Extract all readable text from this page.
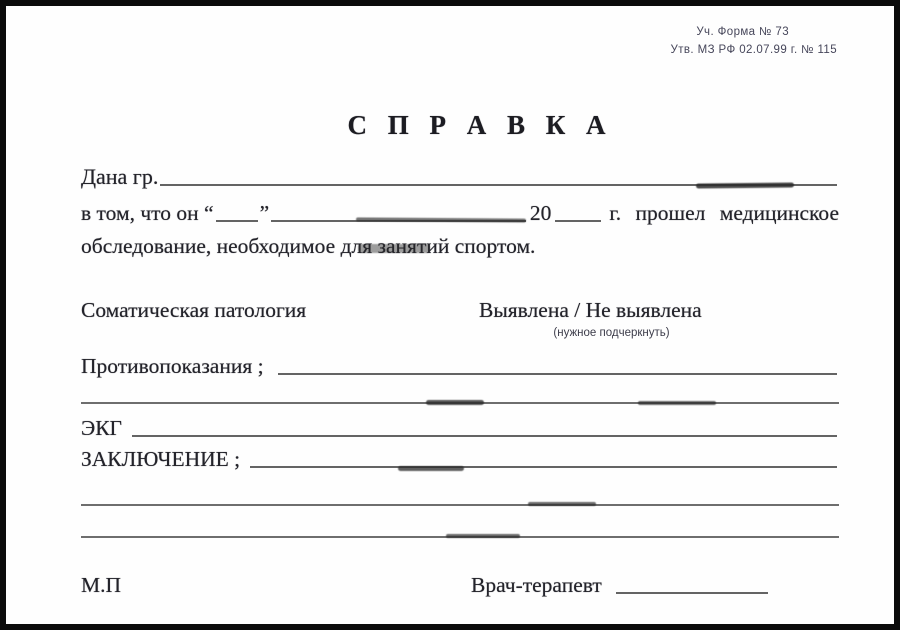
Уч. Форма № 73
Утв. МЗ РФ 02.07.99 г. № 115
С П Р А В К А
Дана гр.
в том, что он “ ”	20	г. прошел медицинское
обследование, необходимое для занятий спортом.
Соматическая патология	Выявлена / Не выявлена
(нужное подчеркнуть)
Противопоказания ;
ЭКГ
ЗАКЛЮЧЕНИЕ ;
М.П	Врач-терапевт
